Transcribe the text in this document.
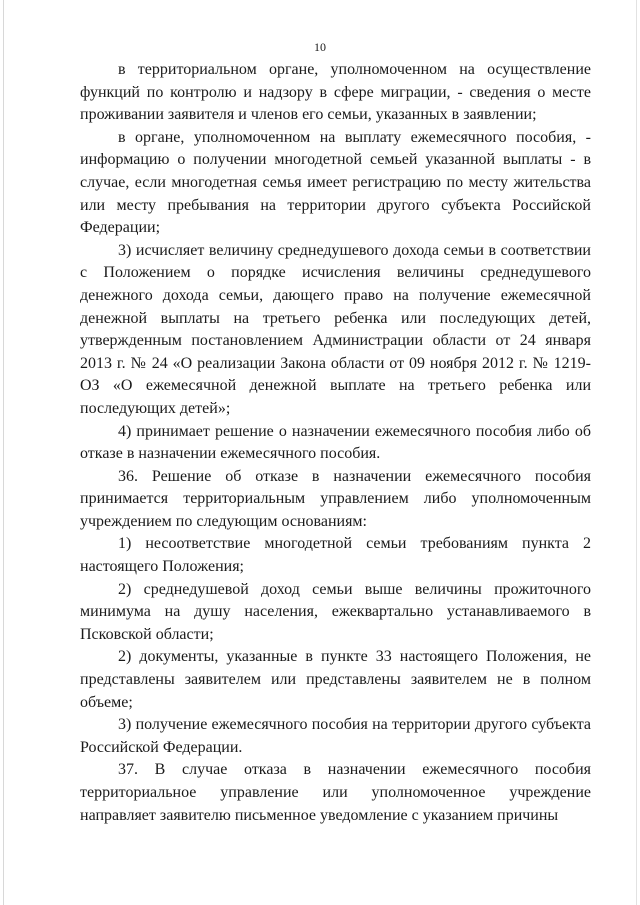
10

в территориальном органе, уполномоченном на осуществление функций по контролю и надзору в сфере миграции, - сведения о месте проживании заявителя и членов его семьи, указанных в заявлении;

в органе, уполномоченном на выплату ежемесячного пособия, - информацию о получении многодетной семьей указанной выплаты - в случае, если многодетная семья имеет регистрацию по месту жительства или месту пребывания на территории другого субъекта Российской Федерации;

3) исчисляет величину среднедушевого дохода семьи в соответствии с Положением о порядке исчисления величины среднедушевого денежного дохода семьи, дающего право на получение ежемесячной денежной выплаты на третьего ребенка или последующих детей, утвержденным постановлением Администрации области от 24 января 2013 г. № 24 «О реализации Закона области от 09 ноября 2012 г. № 1219-ОЗ «О ежемесячной денежной выплате на третьего ребенка или последующих детей»;

4) принимает решение о назначении ежемесячного пособия либо об отказе в назначении ежемесячного пособия.

36. Решение об отказе в назначении ежемесячного пособия принимается территориальным управлением либо уполномоченным учреждением по следующим основаниям:

1) несоответствие многодетной семьи требованиям пункта 2 настоящего Положения;

2) среднедушевой доход семьи выше величины прожиточного минимума на душу населения, ежеквартально устанавливаемого в Псковской области;

2) документы, указанные в пункте 33 настоящего Положения, не представлены заявителем или представлены заявителем не в полном объеме;

3) получение ежемесячного пособия на территории другого субъекта Российской Федерации.

37. В случае отказа в назначении ежемесячного пособия территориальное управление или уполномоченное учреждение направляет заявителю письменное уведомление с указанием причины
